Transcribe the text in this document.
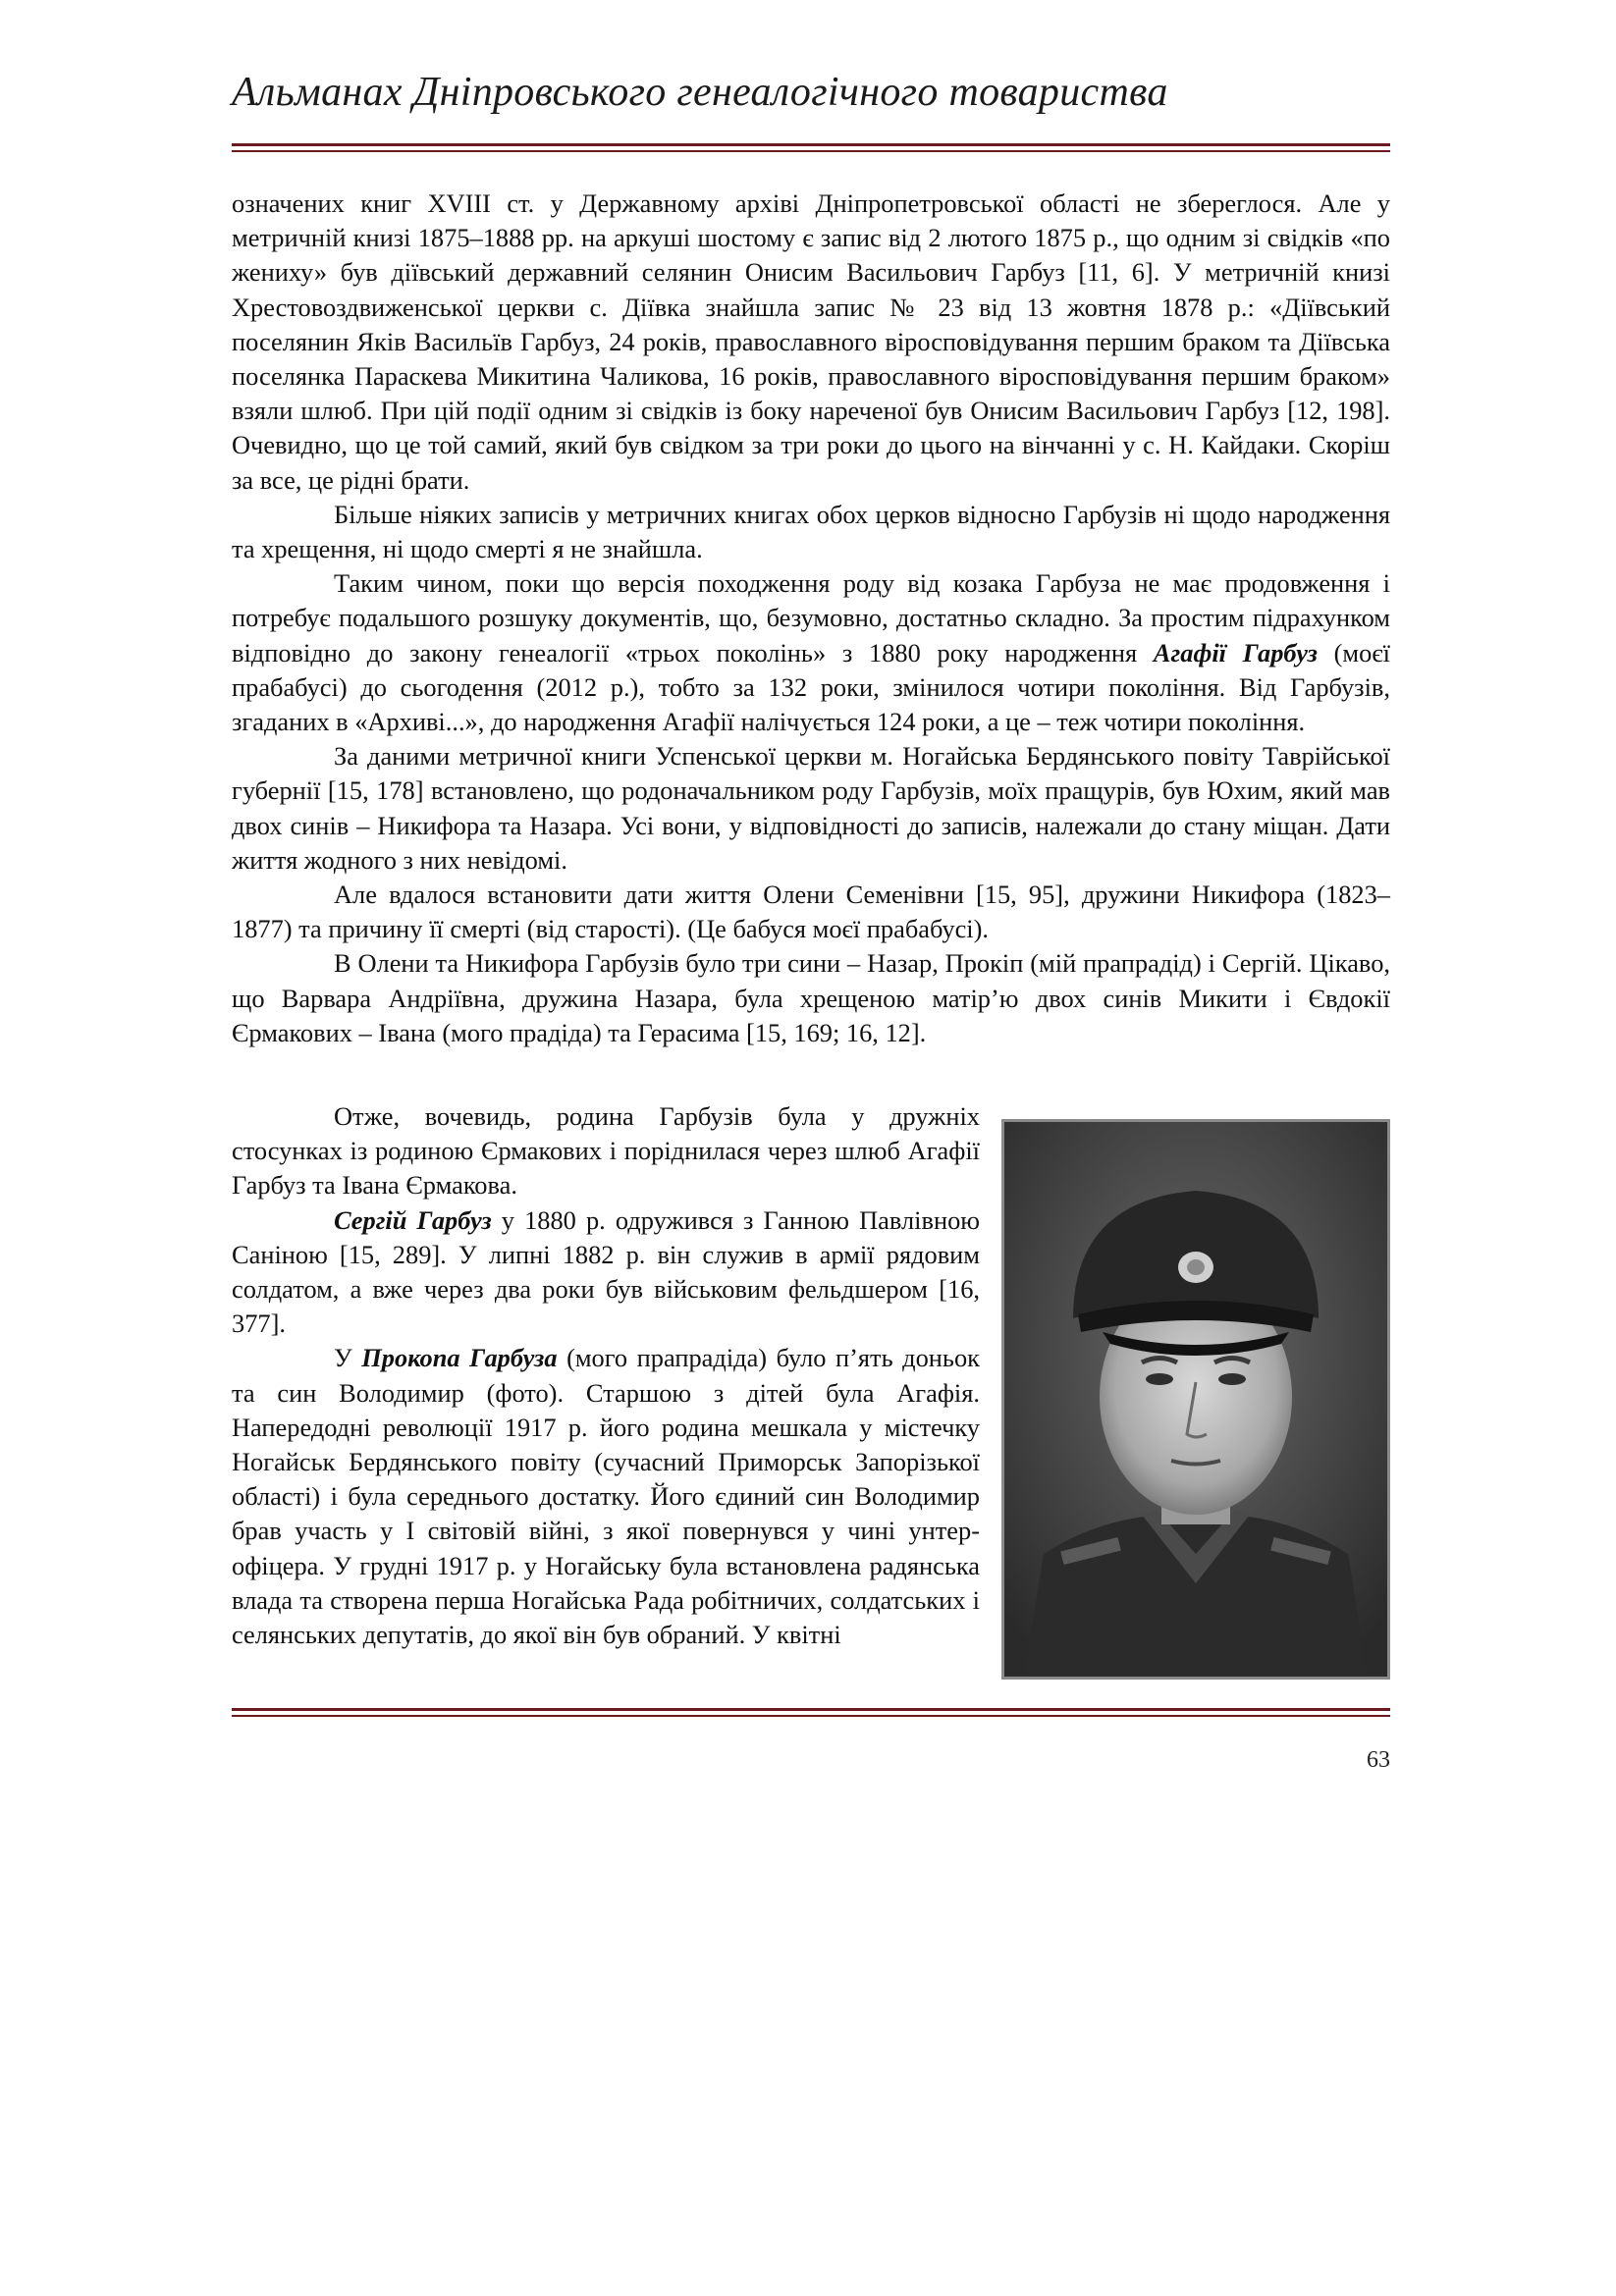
Альманах Дніпровського генеалогічного товариства

означених книг XVIII ст. у Державному архіві Дніпропетровської області не збереглося. Але у метричній книзі 1875–1888 рр. на аркуші шостому є запис від 2 лютого 1875 р., що одним зі свідків «по жениху» був діївський державний селянин Онисим Васильович Гарбуз [11, 6]. У метричній книзі Хрестовоздвиженської церкви с. Діївка знайшла запис № 23 від 13 жовтня 1878 р.: «Діївський поселянин Яків Васильїв Гарбуз, 24 років, православного віросповідування першим браком та Діївська поселянка Параскева Микитина Чаликова, 16 років, православного віросповідування першим браком» взяли шлюб. При цій події одним зі свідків із боку нареченої був Онисим Васильович Гарбуз [12, 198]. Очевидно, що це той самий, який був свідком за три роки до цього на вінчанні у с. Н. Кайдаки. Скоріш за все, це рідні брати.

Більше ніяких записів у метричних книгах обох церков відносно Гарбузів ні щодо народження та хрещення, ні щодо смерті я не знайшла.

Таким чином, поки що версія походження роду від козака Гарбуза не має продовження і потребує подальшого розшуку документів, що, безумовно, достатньо складно. За простим підрахунком відповідно до закону генеалогії «трьох поколінь» з 1880 року народження Агафії Гарбуз (моєї прабабусі) до сьогодення (2012 р.), тобто за 132 роки, змінилося чотири покоління. Від Гарбузів, згаданих в «Архиві...», до народження Агафії налічується 124 роки, а це – теж чотири покоління.

За даними метричної книги Успенської церкви м. Ногайська Бердянського повіту Таврійської губернії [15, 178] встановлено, що родоначальником роду Гарбузів, моїх пращурів, був Юхим, який мав двох синів – Никифора та Назара. Усі вони, у відповідності до записів, належали до стану міщан. Дати життя жодного з них невідомі.

Але вдалося встановити дати життя Олени Семенівни [15, 95], дружини Никифора (1823–1877) та причину її смерті (від старості). (Це бабуся моєї прабабусі).

В Олени та Никифора Гарбузів було три сини – Назар, Прокіп (мій прапрадід) і Сергій. Цікаво, що Варвара Андріївна, дружина Назара, була хрещеною матір’ю двох синів Микити і Євдокії Єрмакових – Івана (мого прадіда) та Герасима [15, 169; 16, 12].

Отже, вочевидь, родина Гарбузів була у дружніх стосунках із родиною Єрмакових і поріднилася через шлюб Агафії Гарбуз та Івана Єрмакова.

Сергій Гарбуз у 1880 р. одружився з Ганною Павлівною Саніною [15, 289]. У липні 1882 р. він служив в армії рядовим солдатом, а вже через два роки був військовим фельдшером [16, 377].

У Прокопа Гарбуза (мого прапрадіда) було п’ять доньок та син Володимир (фото). Старшою з дітей була Агафія. Напередодні революції 1917 р. його родина мешкала у містечку Ногайськ Бердянського повіту (сучасний Приморськ Запорізької області) і була середнього достатку. Його єдиний син Володимир брав участь у І світовій війні, з якої повернувся у чині унтер-офіцера. У грудні 1917 р. у Ногайську була встановлена радянська влада та створена перша Ногайська Рада робітничих, солдатських і селянських депутатів, до якої він був обраний. У квітні

63
